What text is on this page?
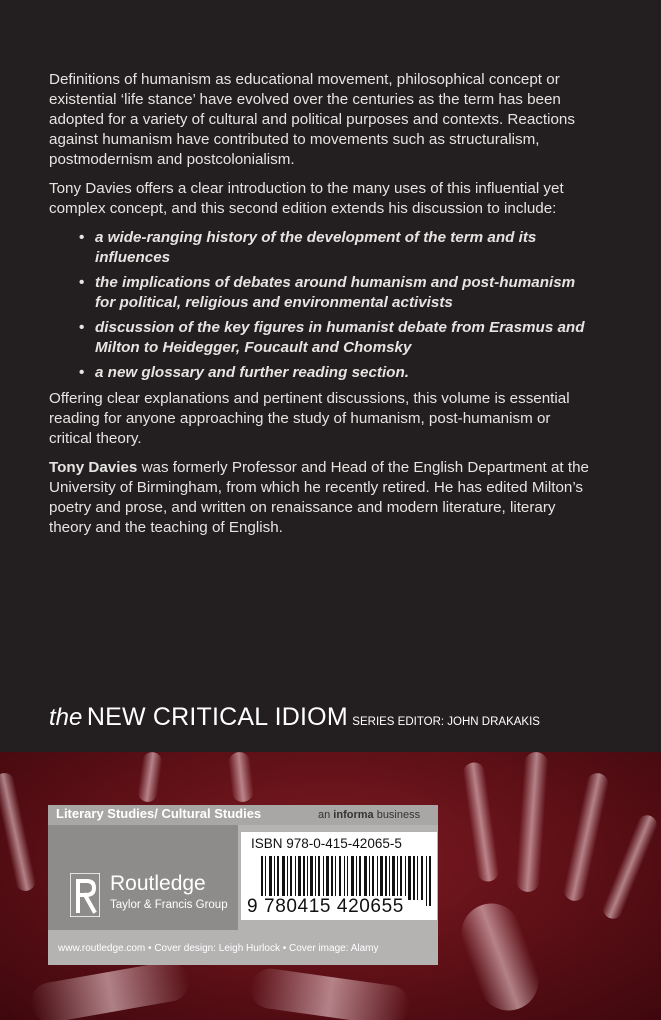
Definitions of humanism as educational movement, philosophical concept or existential ‘life stance’ have evolved over the centuries as the term has been adopted for a variety of cultural and political purposes and contexts. Reactions against humanism have contributed to movements such as structuralism, postmodernism and postcolonialism.

Tony Davies offers a clear introduction to the many uses of this influential yet complex concept, and this second edition extends his discussion to include:

• a wide-ranging history of the development of the term and its influences
• the implications of debates around humanism and post-humanism for political, religious and environmental activists
• discussion of the key figures in humanist debate from Erasmus and Milton to Heidegger, Foucault and Chomsky
• a new glossary and further reading section.

Offering clear explanations and pertinent discussions, this volume is essential reading for anyone approaching the study of humanism, post-humanism or critical theory.

Tony Davies was formerly Professor and Head of the English Department at the University of Birmingham, from which he recently retired. He has edited Milton’s poetry and prose, and written on renaissance and modern literature, literary theory and the teaching of English.

the NEW CRITICAL IDIOM SERIES EDITOR: JOHN DRAKAKIS
Literary Studies/ Cultural Studies	an informa business
Routledge
Taylor & Francis Group
ISBN 978-0-415-42065-5
9 780415 420655
www.routledge.com • Cover design: Leigh Hurlock • Cover image: Alamy
